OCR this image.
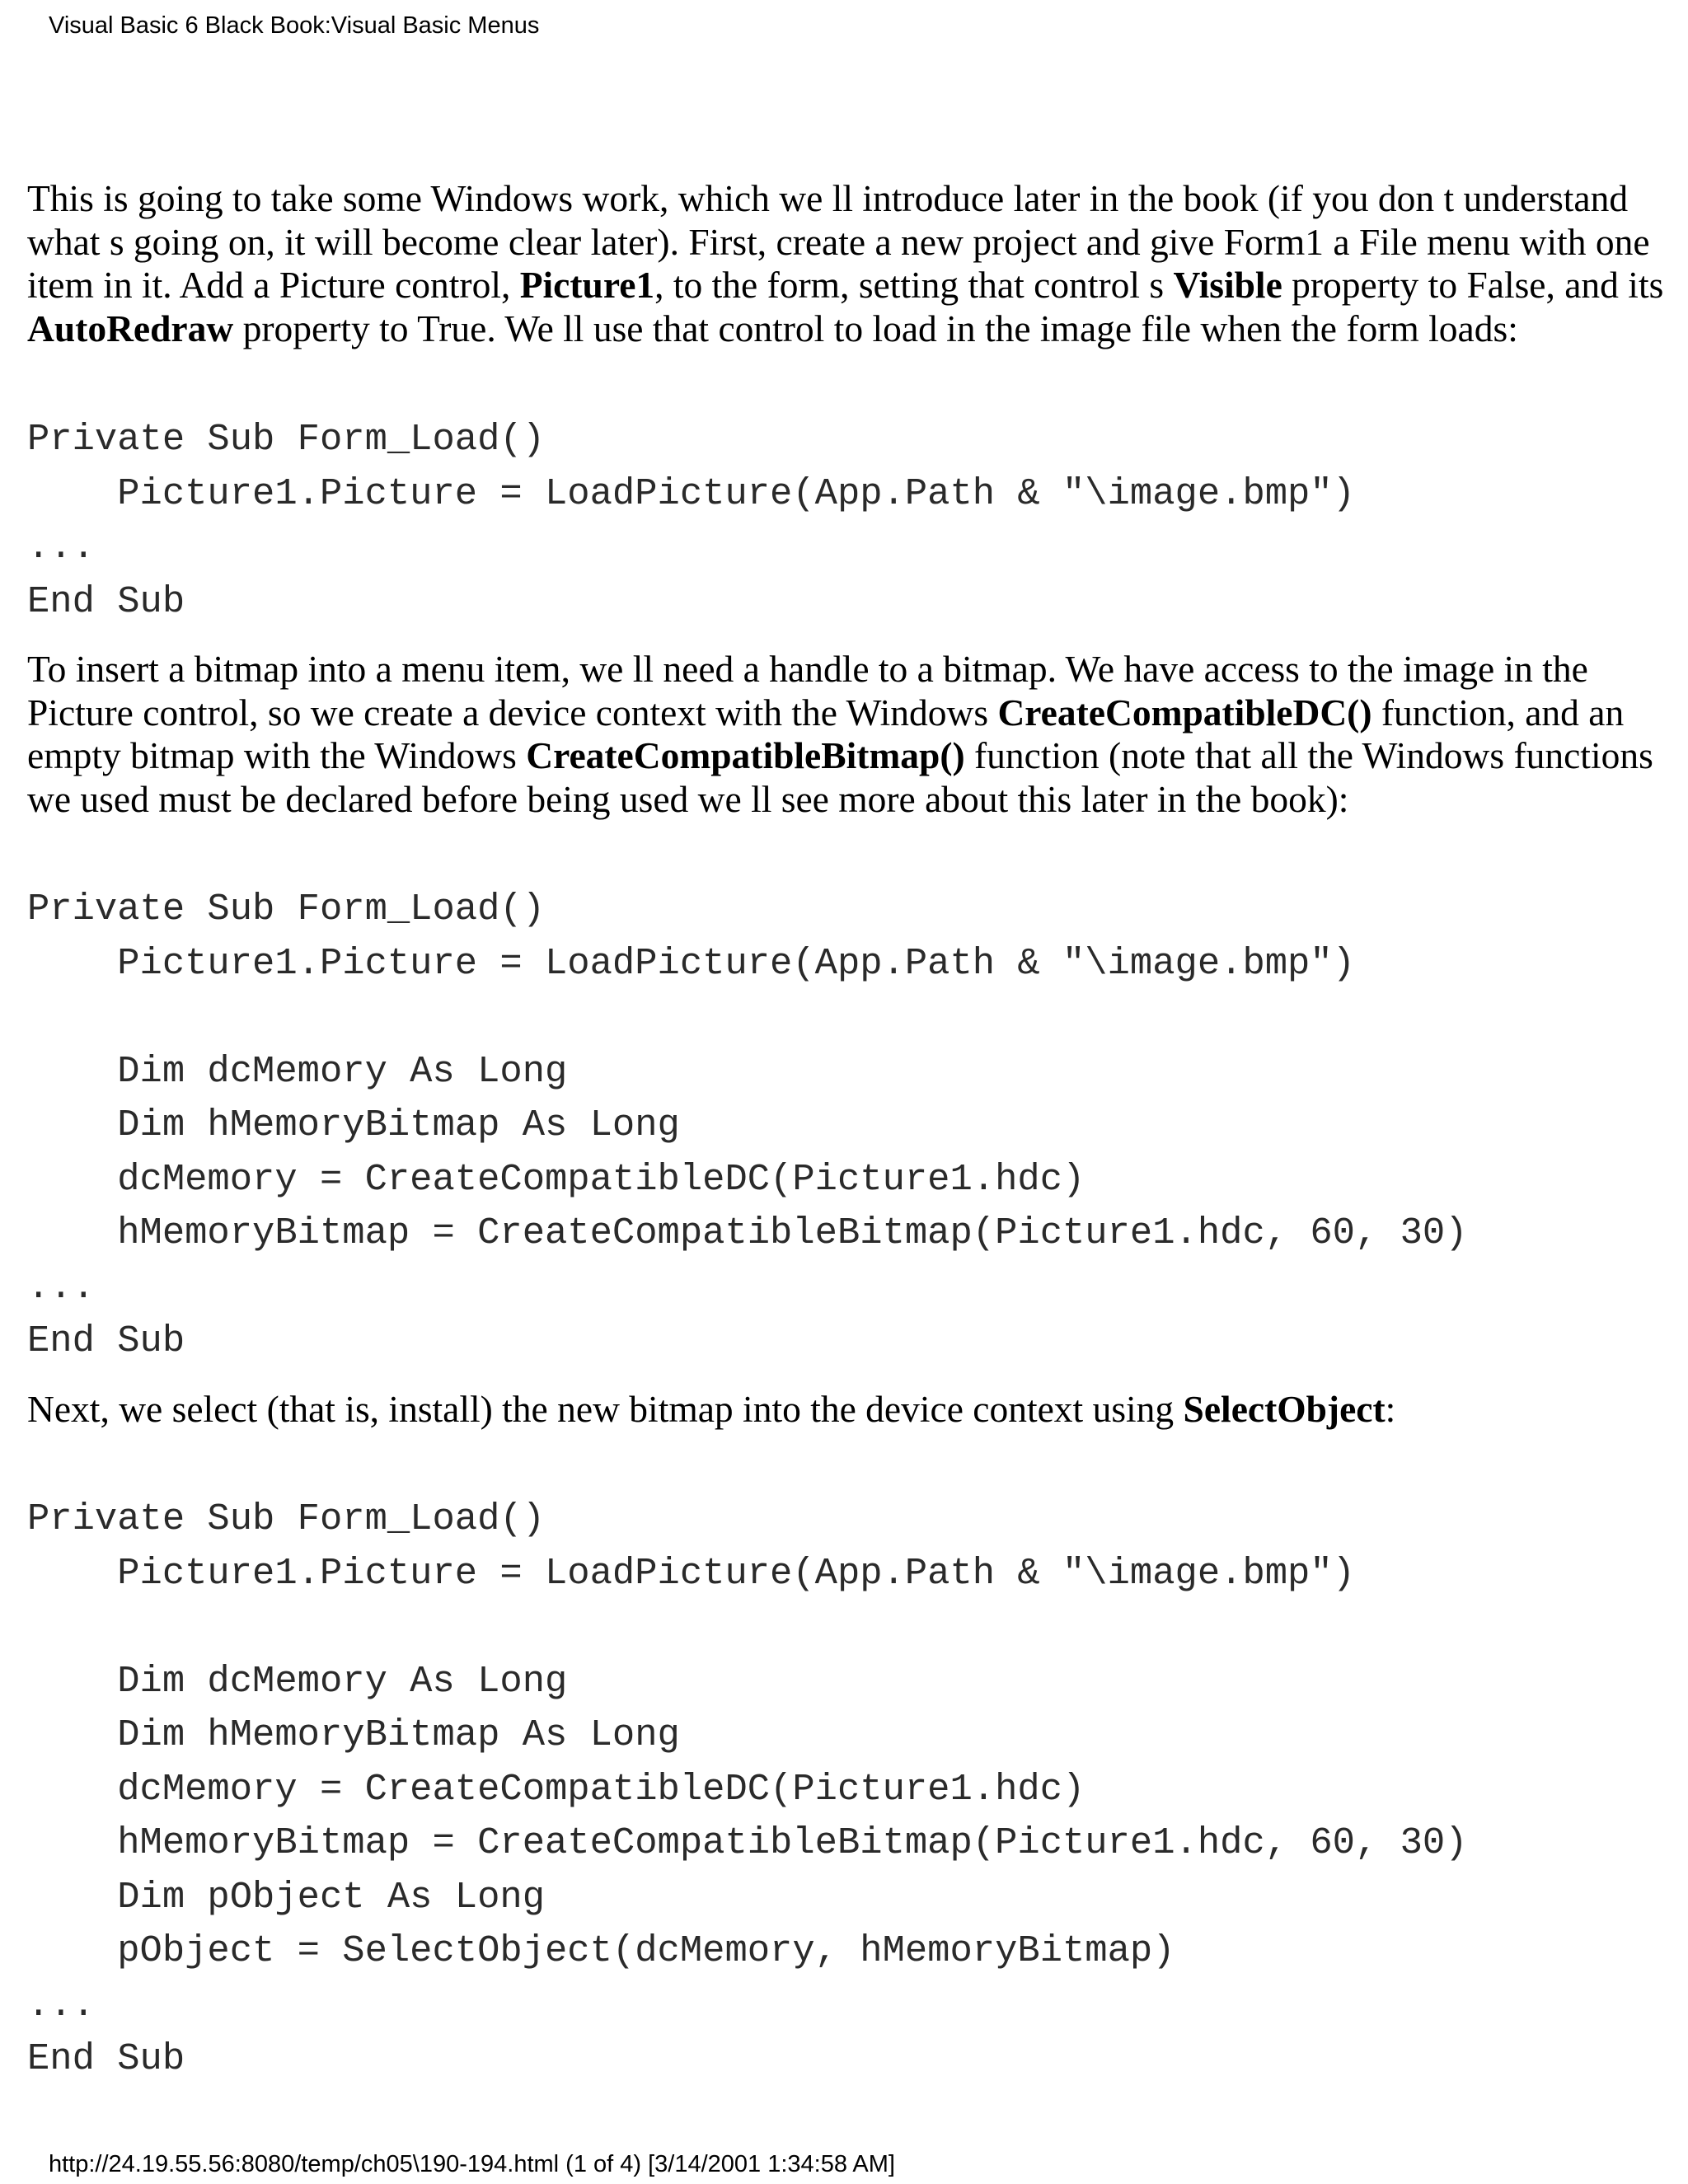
Visual Basic 6 Black Book:Visual Basic Menus

This is going to take some Windows work, which we ll introduce later in the book (if you don t understand what s going on, it will become clear later). First, create a new project and give Form1 a File menu with one item in it. Add a Picture control, Picture1, to the form, setting that control s Visible property to False, and its AutoRedraw property to True. We ll use that control to load in the image file when the form loads:

Private Sub Form_Load()
Picture1.Picture = LoadPicture(App.Path & "\image.bmp")
...
End Sub

To insert a bitmap into a menu item, we ll need a handle to a bitmap. We have access to the image in the Picture control, so we create a device context with the Windows CreateCompatibleDC() function, and an empty bitmap with the Windows CreateCompatibleBitmap() function (note that all the Windows functions we used must be declared before being used we ll see more about this later in the book):

Private Sub Form_Load()
Picture1.Picture = LoadPicture(App.Path & "\image.bmp")
Dim dcMemory As Long
Dim hMemoryBitmap As Long
dcMemory = CreateCompatibleDC(Picture1.hdc)
hMemoryBitmap = CreateCompatibleBitmap(Picture1.hdc, 60, 30)
...
End Sub

Next, we select (that is, install) the new bitmap into the device context using SelectObject:

Private Sub Form_Load()
Picture1.Picture = LoadPicture(App.Path & "\image.bmp")
Dim dcMemory As Long
Dim hMemoryBitmap As Long
dcMemory = CreateCompatibleDC(Picture1.hdc)
hMemoryBitmap = CreateCompatibleBitmap(Picture1.hdc, 60, 30)
Dim pObject As Long
pObject = SelectObject(dcMemory, hMemoryBitmap)
...
End Sub
http://24.19.55.56:8080/temp/ch05\190-194.html (1 of 4) [3/14/2001 1:34:58 AM]
